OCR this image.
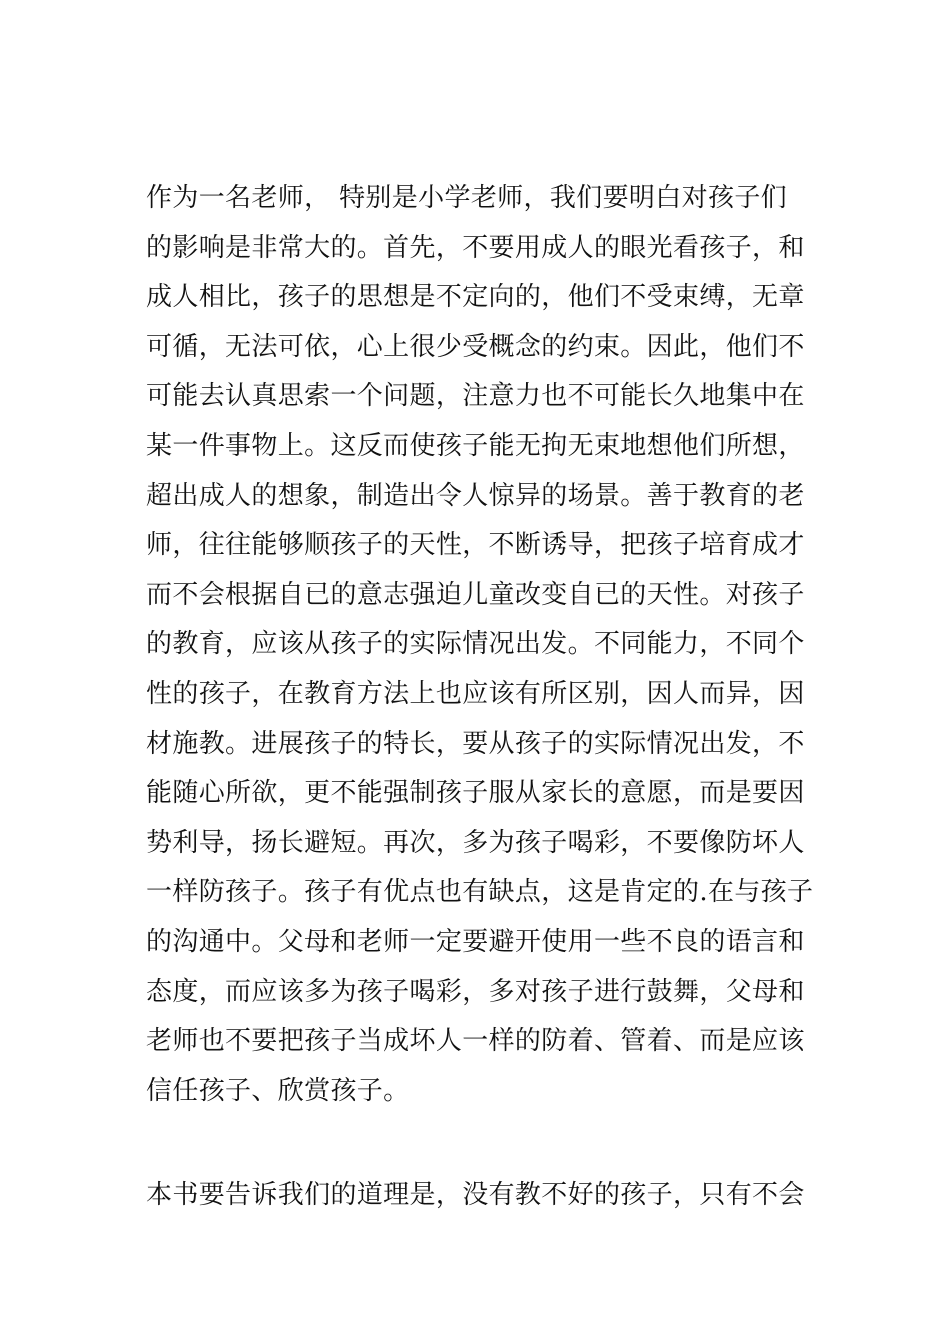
作为一名老师， 特别是小学老师，我们要明白对孩子们

的影响是非常大的。首先，不要用成人的眼光看孩子，和

成人相比，孩子的思想是不定向的，他们不受束缚，无章

可循，无法可依，心上很少受概念的约束。因此，他们不

可能去认真思索一个问题，注意力也不可能长久地集中在

某一件事物上。这反而使孩子能无拘无束地想他们所想，

超出成人的想象，制造出令人惊异的场景。善于教育的老

师，往往能够顺孩子的天性，不断诱导，把孩子培育成才

而不会根据自已的意志强迫儿童改变自已的天性。对孩子

的教育，应该从孩子的实际情况出发。不同能力，不同个

性的孩子，在教育方法上也应该有所区别，因人而异，因

材施教。进展孩子的特长，要从孩子的实际情况出发，不

能随心所欲，更不能强制孩子服从家长的意愿，而是要因

势利导，扬长避短。再次，多为孩子喝彩，不要像防坏人

一样防孩子。孩子有优点也有缺点，这是肯定的.在与孩子

的沟通中。父母和老师一定要避开使用一些不良的语言和

态度，而应该多为孩子喝彩，多对孩子进行鼓舞，父母和

老师也不要把孩子当成坏人一样的防着、管着、而是应该

信任孩子、欣赏孩子。

本书要告诉我们的道理是，没有教不好的孩子，只有不会
